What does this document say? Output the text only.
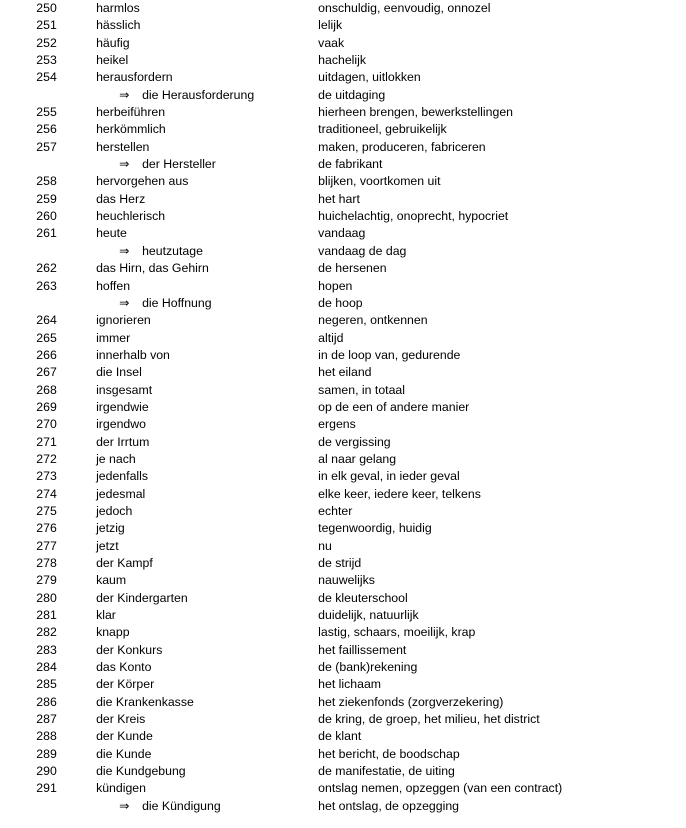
250		harmlos	onschuldig, eenvoudig, onnozel
251		hässlich	lelijk
252		häufig	vaak
253		heikel	hachelijk
254		herausfordern	uitdagen, uitlokken
		⇒ die Herausforderung	de uitdaging
255		herbeiführen	hierheen brengen, bewerkstellingen
256		herkömmlich	traditioneel, gebruikelijk
257		herstellen	maken, produceren, fabriceren
		⇒ der Hersteller	de fabrikant
258		hervorgehen aus	blijken, voortkomen uit
259		das Herz	het hart
260		heuchlerisch	huichelachtig, onoprecht, hypocriet
261		heute	vandaag
		⇒ heutzutage	vandaag de dag
262		das Hirn, das Gehirn	de hersenen
263		hoffen	hopen
		⇒ die Hoffnung	de hoop
264		ignorieren	negeren, ontkennen
265		immer	altijd
266		innerhalb von	in de loop van, gedurende
267		die Insel	het eiland
268		insgesamt	samen, in totaal
269		irgendwie	op de een of andere manier
270		irgendwo	ergens
271		der Irrtum	de vergissing
272		je nach	al naar gelang
273		jedenfalls	in elk geval, in ieder geval
274		jedesmal	elke keer, iedere keer, telkens
275		jedoch	echter
276		jetzig	tegenwoordig, huidig
277		jetzt	nu
278		der Kampf	de strijd
279		kaum	nauwelijks
280		der Kindergarten	de kleuterschool
281		klar	duidelijk, natuurlijk
282		knapp	lastig, schaars, moeilijk, krap
283		der Konkurs	het faillissement
284		das Konto	de (bank)rekening
285		der Körper	het lichaam
286		die Krankenkasse	het ziekenfonds (zorgverzekering)
287		der Kreis	de kring, de groep, het milieu, het district
288		der Kunde	de klant
289		die Kunde	het bericht, de boodschap
290		die Kundgebung	de manifestatie, de uiting
291		kündigen	ontslag nemen, opzeggen (van een contract)
		⇒ die Kündigung	het ontslag, de opzegging
